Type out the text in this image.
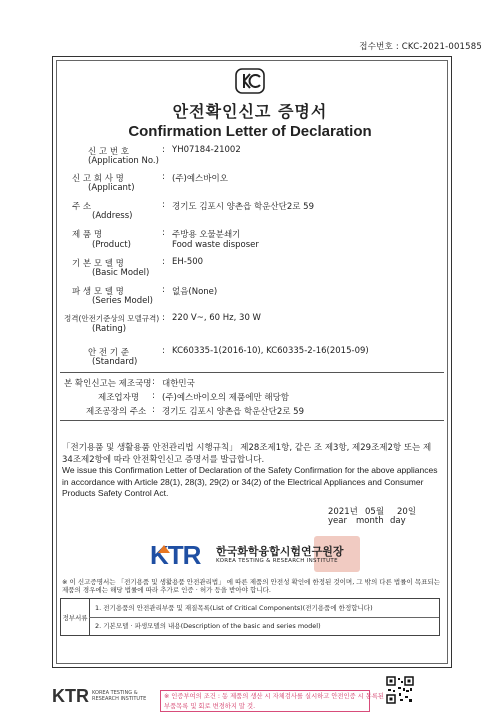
접수번호 : CKC-2021-001585
안전확인신고 증명서
Confirmation Letter of Declaration
신 고 번 호	: YH07184-21002
(Application No.)
신 고 회 사 명	: (주)예스바이오
(Applicant)
주 소	: 경기도 김포시 양촌읍 학운산단2로 59
(Address)
제 품 명	: 주방용 오물분쇄기
Food waste disposer
(Product)
기 본 모 델 명	: EH-500
(Basic Model)
파 생 모 델 명	: 없음(None)
(Series Model)
정격(안전기준상의 모델규격) : 220 V~, 60 Hz, 30 W
(Rating)
안 전 기 준	: KC60335-1(2016-10), KC60335-2-16(2015-09)
(Standard)
본 확인신고는 제조국명 : 대한민국
제조업자명 : (주)예스바이오의 제품에만 해당함
제조공장의 주소 : 경기도 김포시 양촌읍 학운산단2로 59
「전기용품 및 생활용품 안전관리법 시행규칙」 제28조제1항, 같은 조 제3항, 제29조제2항 또는 제34조제2항에 따라 안전확인신고 증명서를 발급합니다.
We issue this Confirmation Letter of Declaration of the Safety Confirmation for the above appliances in accordance with Article 28(1), 28(3), 29(2) or 34(2) of the Electrical Appliances and Consumer Products Safety Control Act.
2021년 05월 20일
year month day
KTR 한국화학융합시험연구원장
KOREA TESTING & RESEARCH INSTITUTE
※ 이 신고증명서는 「전기용품 및 생활용품 안전관리법」 에 따른 제품의 안전성 확인에 한정된 것이며, 그 밖의 다른 법률이 목표되는 제품의 경우에는 해당 법률에 따라 추가로 인증 · 허가 등을 받아야 합니다.
정부서류
1. 전기용품의 안전관리부품 및 재질목록(List of Critical Components)(전기용품에 한정합니다)
2. 기본모델 · 파생모델의 내용(Description of the basic and series model)
KTR KOREA TESTING & RESEARCH INSTITUTE	※ 인증부여의 조건 : 동 제품의 생산 시 자체검사를 실시하고 안전인증 시 동록된
부품목록 및 회로 변경하지 말 것.
